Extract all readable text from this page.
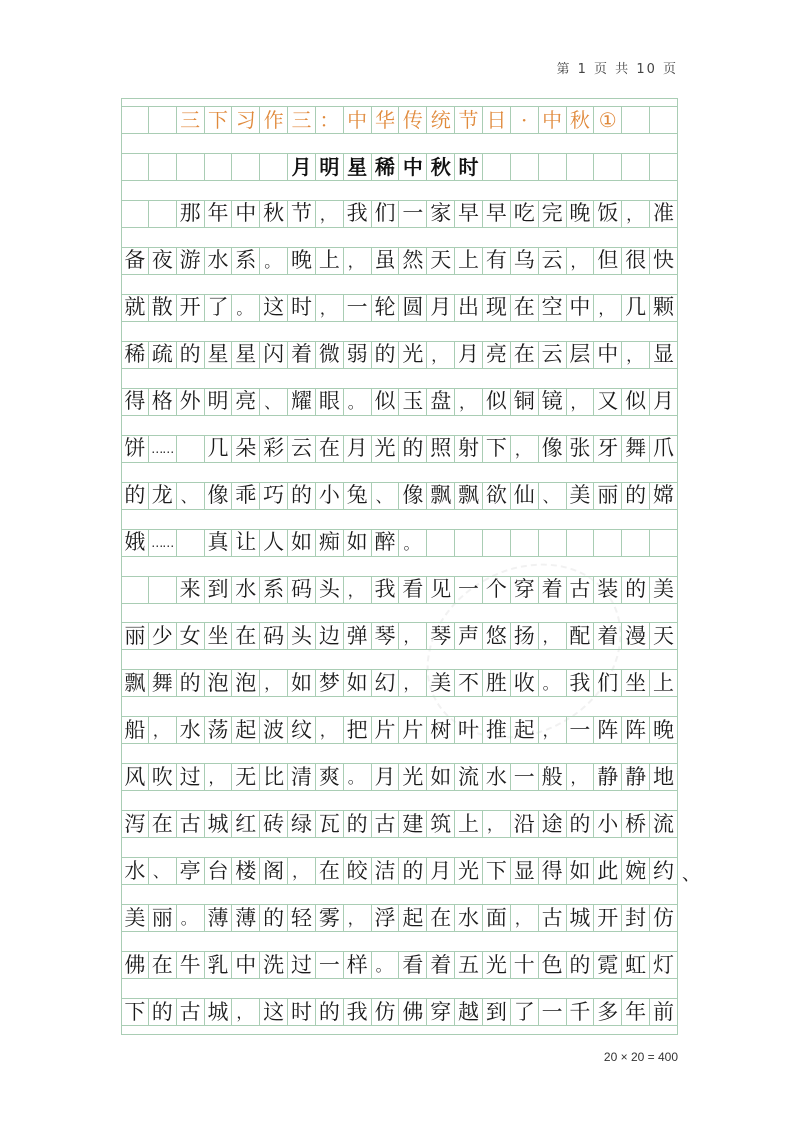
第 1 页 共 10 页
三 下 习 作 三 ： 中 华 传 统 节 日 · 中 秋 ①
月 明 星 稀 中 秋 时
那 年 中 秋 节 ， 我 们 一 家 早 早 吃 完 晚 饭 ， 准
备 夜 游 水 系 。 晚 上 ， 虽 然 天 上 有 乌 云 ， 但 很 快
就 散 开 了 。 这 时 ， 一 轮 圆 月 出 现 在 空 中 ， 几 颗
稀 疏 的 星 星 闪 着 微 弱 的 光 ， 月 亮 在 云 层 中 ， 显
得 格 外 明 亮 、 耀 眼 。 似 玉 盘 ， 似 铜 镜 ， 又 似 月
饼 …… 几 朵 彩 云 在 月 光 的 照 射 下 ， 像 张 牙 舞 爪
的 龙 、 像 乖 巧 的 小 兔 、 像 飘 飘 欲 仙 、 美 丽 的 嫦
娥 …… 真 让 人 如 痴 如 醉 。
来 到 水 系 码 头 ， 我 看 见 一 个 穿 着 古 装 的 美
丽 少 女 坐 在 码 头 边 弹 琴 ， 琴 声 悠 扬 ， 配 着 漫 天
飘 舞 的 泡 泡 ， 如 梦 如 幻 ， 美 不 胜 收 。 我 们 坐 上
船 ， 水 荡 起 波 纹 ， 把 片 片 树 叶 推 起 ， 一 阵 阵 晚
风 吹 过 ， 无 比 清 爽 。 月 光 如 流 水 一 般 ， 静 静 地
泻 在 古 城 红 砖 绿 瓦 的 古 建 筑 上 ， 沿 途 的 小 桥 流
水 、 亭 台 楼 阁 ， 在 皎 洁 的 月 光 下 显 得 如 此 婉 约
美 丽 。 薄 薄 的 轻 雾 ， 浮 起 在 水 面 ， 古 城 开 封 仿
佛 在 牛 乳 中 洗 过 一 样 。 看 着 五 光 十 色 的 霓 虹 灯
下 的 古 城 ， 这 时 的 我 仿 佛 穿 越 到 了 一 千 多 年 前
20 × 20 = 400
、
